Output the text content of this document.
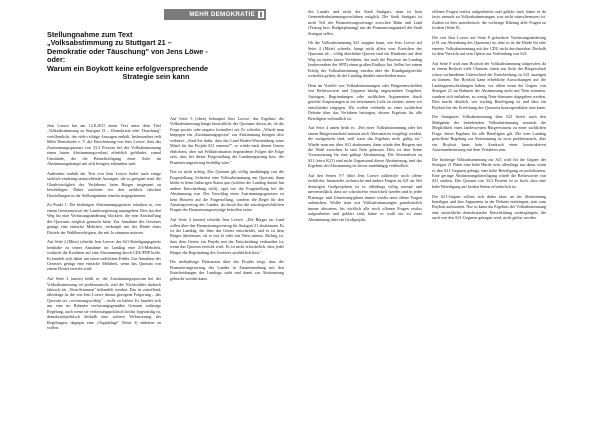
MEHR DEMOKRATIE
Stellungnahme zum Text
„Volksabstimmung zu Stuttgart 21 –
Demokratie oder Täuschung" von Jens Löwe -
oder:
Warum ein Boykott keine erfolgversprechende
Strategie sein kann

Jens Loewe hat am 12.8.2011 einen Text unter dem Titel „Volksabstimmung zu Stuttgart 21 – Demokratie oder Täuschung" veröffentlicht, der viele richtige Aussagen enthält. Insbesondere teilt Mehr Demokratie e. V. die Einschätzung von Jens Loewe, dass das Zustimmungsquorum von 33,3 Prozent bei der Volksabstimmung einen fairen Abstimmungsverlauf erheblich gefährdet, zumal Umstände, die die Benachteiligung einer Seite im Abstimmungskampf mit sich bringen, erkennbar sind.

Außerdem enthält der Text von Jens Loewe leider auch einige sachlich eindeutig unzutreffende Aussagen, die so geeignet sind, die Glaubwürdigkeit des Verfahrens beim Bürger insgesamt zu beschädigen. Daher möchten wir den sachlich falschen Darstellungen in der Stellungnahme einzeln entgegentreten.

Zu Punkt 1: Die bisherigen Abstimmungsgesetze erlauben es, von einem Gesetzentwurf der Landesregierung auszugehen. Dies hat den Weg für eine Verfassungsänderung blockiert, die eine Abschaffung des Quorums möglich gemacht hätte. Zur Annahme des Gesetzes genügt eine einfache Mehrheit, verknüpft mit der Hürde eines Drittels der Wahlberechtigten, die mit Ja stimmen müssen.

Auf Seite 2 (Mitte) schreibt Jens Loewe, das S21-Kündigungsgesetz beinhalte zu seiner Annahme im Landtag eine 2/3-Mehrheit, wodurch die Koalition auf eine Abstimmung durch CDU/FDP hoffe. Es handelt sich dabei um einen sachlichen Fehler. Zur Annahme des Gesetzes genügt eine einfache Mehrheit, wenn das Quorum von einem Drittel erreicht wird.

Auf Seite 2 (unten) heißt es, der Zustimmungsquorum bei der Volksabstimmung sei problematisch, weil die Nichtwähler dadurch faktisch als „Nein-Stimmen" behandelt werden. Das ist zutreffend, allerdings ist die von Jens Loewe daraus gezogene Folgerung – das Quorum sei „verfassungswidrig" – nicht zu halten. Es handelt sich um eine im Rahmen verfassungsgemäßer Grenzen zulässige Regelung, auch wenn sie verfassungspolitisch höchst fragwürdig ist, demokratiepolitisch deshalb eine weitere Verbesserung der Regelungen, dagegen eine „Organklage" (Seite 3) einleiten zu wollen.

Auf Seite 3 (oben) behauptet Jens Loewe, das Ergebnis der Volksabstimmung hänge hinsichtlich des Quorums davon ab, ob die Frage positiv oder negativ formuliert sei. Er schreibt: „Würde man hingegen ein „Zustimmungsgesetz" zur Abstimmung bringen, also verkürzt: „Sind Sie dafür, dass das Land Baden-Württemberg seine Mittel für das Projekt S21 einsetzt?", so würde nach diesen Gesetz ehrlichem, aber auf Fehlinformation begründeten Folgen die Folge sein, dass bei dieser Fragestellung die Landesregierung bzw. der Finanzierungsvertrag hinfällig wäre."

Das ist nicht richtig. Das Quorum gilt völlig unabhängig von der Fragestellung. Scheitert eine Volksabstimmung am Quorum, dann bleibt es beim bisherigen Status quo (solches die Landtag darauf hin andere Entscheidung trifft), egal wie die Fragestellung bei der Abstimmung war. Der Vorschlag eines Zustimmungsgesetzes ist kein Hinweis auf die Fragestellung, sondern die Regel für den Ausstiegsvertrag des Landes, da durch ihn die ausstiegsrechtlichen Fragen der Finanzierungsverträge betroffen seien.

Auf Seite 4 (unten) schreibt Jens Loewe: „Die Bürger im Land sollen über den Finanzierungsvertrag für Stuttgart 21 abstimmen. Es ist der Landtag, der über das Gesetz entscheidet, und es ist dem Bürger überlassen, ob er mit Ja oder mit Nein stimmt. Richtig ist, dass dem Gesetz ein Projekt mit der Entscheidung verbunden ist, wenn das Quorum erreicht wird. Es ist nicht erforderlich, dass jeder Bürger die Begründung des Gesetzes ausführlich liest."

Die mehrjährige Diskussion über das Projekt zeigt, dass der Finanzierungsvertrag des Landes in Zusammenhang mit den Entscheidungen des Landtags steht und damit zur Abstimmung gebracht werden kann.

des Landes und nicht der Stadt Stuttgart, dazu ist kein Gemeindeabstimmungsverfahren möglich. Die Stadt Stuttgart ist nicht Teil des Finanzierungsvertrags zwischen Bahn und Land (Vertrag bzw. Budgetplanung) nur der Finanzierungsanteil der Stadt Stuttgart selbst.

Ob die Volksabstimmung S21 stoppen kann, wie Jens Loewe auf Seite 4 (Mitte) schreibt, hängt nicht allein vom Erreichen des Quorums ab – völlig überhöhte Quoren sind ein Hindernis auf dem Weg zu einem fairen Verfahren, das auch die Prozesse im Landtag (insbesondere der SPD) einen großen Einfluss hat. Selbst bei einem Erfolg der Volksabstimmung würden aber die Kündigungsrechte weiterhin gelten, da der Landtag darüber entscheiden muss.

Dem im Vorfeld von Volksabstimmungen oder Bürgerentscheiden von Befürwortern und Gegnern häufig angewandten Vorgehen, Aussagen, Begründungen oder sachlichen Argumenten durch gezielte Zuspitzungen in ein bestimmtes Licht zu rücken, treten wir entschieden entgegen. Wir wollen vielmehr zu einer sachlichen Debatte über das Verfahren beitragen, dessen Ergebnis für alle Beteiligten verbindlich ist.

Auf Seite 4 unten heißt es: „Bei einer Volksabstimmung oder bei einem Bürgerentscheid müssen auch Alternativen vorgelegt werden, die sachgerecht sind, weil sonst das Ergebnis nicht gültig sei." Würde man nur über S21 abstimmen, dann würde den Bürgern nur die Wahl zwischen Ja und Nein gelassen. Dies ist aber keine Voraussetzung für eine gültige Abstimmung. Die Alternativen zu S21 (etwa K21) sind nicht Gegenstand dieser Abstimmung, und das Ergebnis der Abstimmung ist davon unabhängig verbindlich.

Auf den Seiten 5-7 führt Jens Loewe zahlreiche noch offene rechtliche, finanzielle, technische und andere Fragen zu S21 an. Bei derartigen Großprojekten ist es allerdings völlig normal und unvermeidlich, dass sie schrittweise entwickelt werden und in jeder Planungs- und Umsetzungsphase immer wieder neue offene Fragen auftauchen. Wollte man mit Volksabstimmungen grundsätzlich immer abwarten, bis wirklich alle noch offenen Fragen restlos aufgearbeitet und geklärt sind, käme es wohl nie zu einer Abstimmung über ein Großprojekt.

offenen Fragen restlos aufgearbeitet und geklärt sind, käme es de facto niemals zu Volksabstimmungen, was nicht wünschenswert ist. Zudem ist dies unrealistisch, die vorherige Klärung aller Fragen zu fordern (Seite 8).

Die von Jens Loewe auf Seite 8 geforderte Verfassungsänderung (z.B. zur Absenkung des Quorums) ist, aber es ist die Hürde für eine erneute Volksabstimmung mit der CDU nicht durchsetzbar. Deshalb ist dem Verzicht auf sein Option zur Verbindung von S21.

Auf Seite 8 wird zum Boykott der Volksabstimmung aufgerufen, da in einem Boykott viele Chancen, einen aus Sicht der Bürgerschaft schon vorhandenen Unterschied der Entscheidung zu S21 anzeigen zu können. Ein Boykott kann erhebliche Auswirkungen auf die Landtagsentscheidungen haben, vor allem wenn die Gegner von Stuttgart 21 im Rahmen der Abstimmung nicht mit Nein stimmen, sondern sich enthalten, zu wenig Nein-Stimmen abgegeben werden. Dies macht deutlich, wie wichtig Beteiligung ist und dass ein Boykott bei der Erreichung des Quorums kontraproduktiv sein kann.

Die Stuttgarter Volksabstimmung über S21 bietet nach den Maßgaben der bestehenden Volksabstimmung erstmals die Möglichkeit eines landesweiten Bürgervotums zu einer sachlichen Frage, deren Ergebnis für alle Beteiligten gilt. Die vom Landtag getroffene Regelung zur Abstimmung ist zwar problematisch, aber ein Boykott kann kein Ausdruck einer konstruktiven Auseinandersetzung mit dem Verfahren sein.

Die bisherige Volksabstimmung zur S21 wird für die Gegner der Stuttgart 21 Pläne eine hohe Hürde sein, allerdings nur dann, wenn es den S21-Gegnern gelingt, eine hohe Beteiligung zu mobilisieren. Eine geringe Abstimmungsbeteiligung würde die Befürworter von S21 stärken. Das Quorum von 33,3 Prozent ist so hoch, dass eine hohe Beteiligung auf beiden Seiten erforderlich ist.

Die S21-Gegner sollten sich daher aktiv an der Abstimmung beteiligen und ihre Argumente in der Debatte einbringen, statt zum Boykott aufzurufen. Nur so kann das Ergebnis der Volksabstimmung eine tatsächliche demokratische Entscheidung widerspiegeln, die auch von den S21-Gegnern getragen wird, nicht gelöst werden.
